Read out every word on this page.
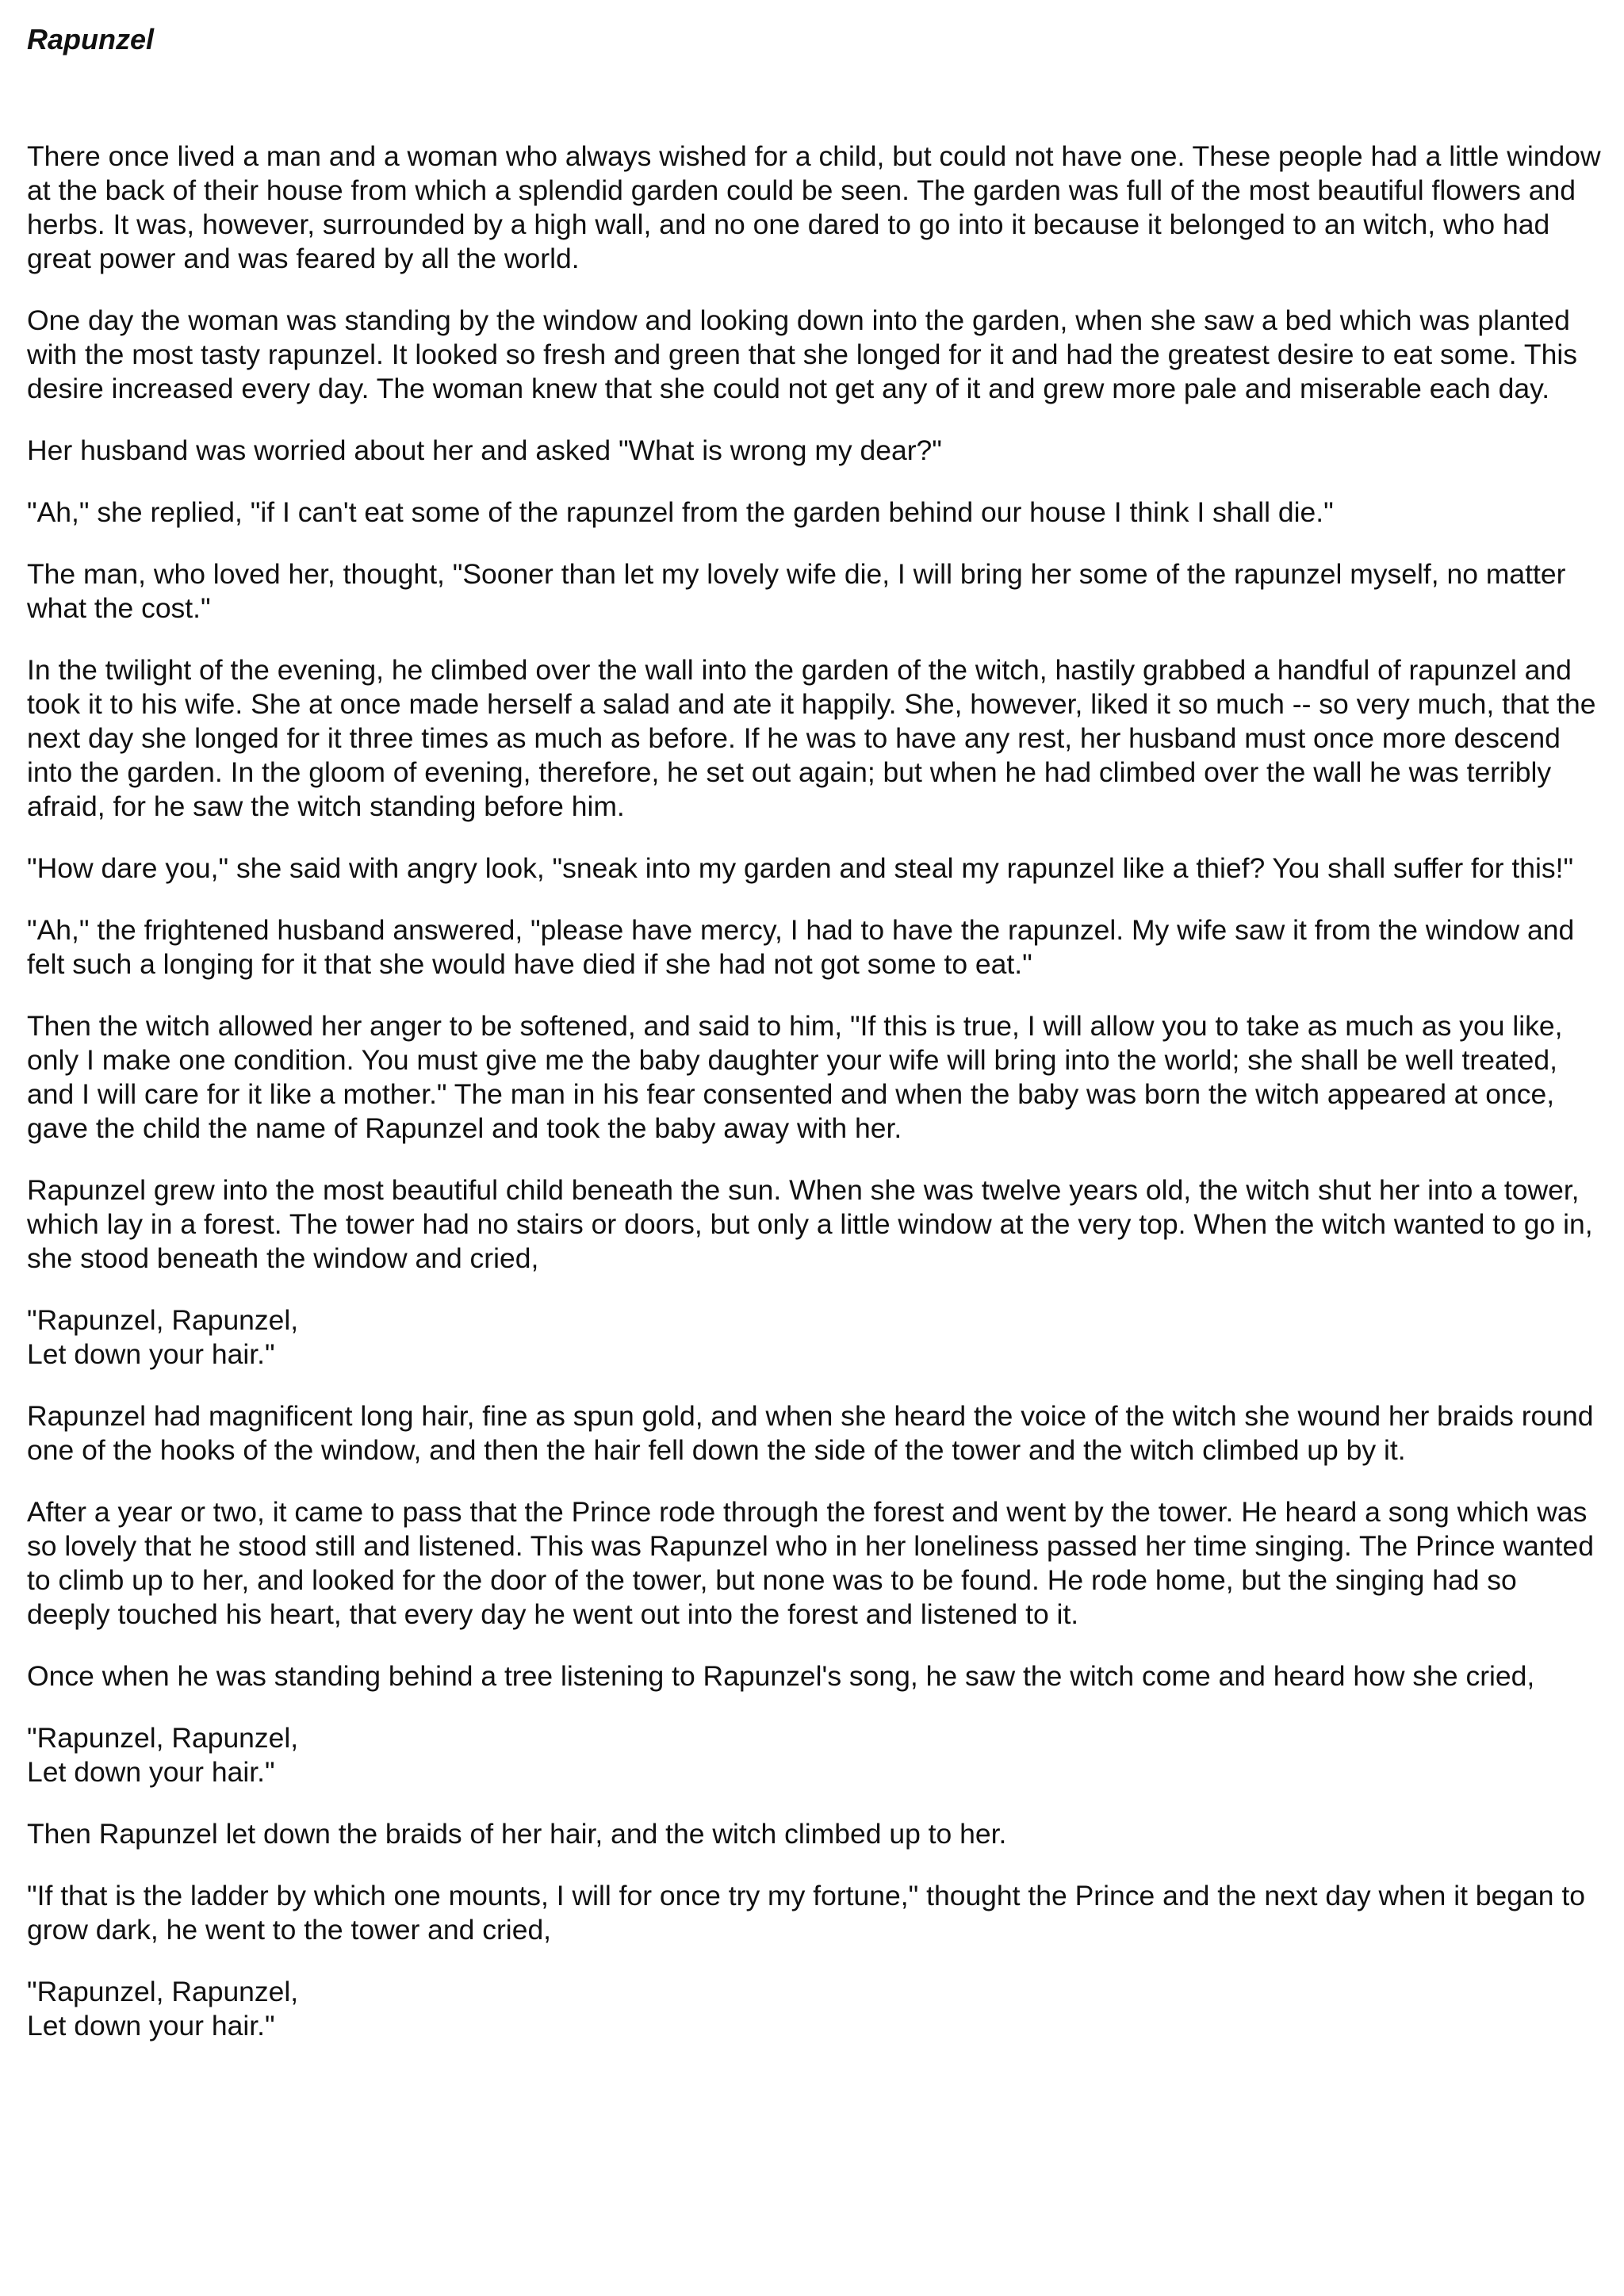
Rapunzel

There once lived a man and a woman who always wished for a child, but could not have one. These people had a little window at the back of their house from which a splendid garden could be seen. The garden was full of the most beautiful flowers and herbs. It was, however, surrounded by a high wall, and no one dared to go into it because it belonged to an witch, who had great power and was feared by all the world.

One day the woman was standing by the window and looking down into the garden, when she saw a bed which was planted with the most tasty rapunzel. It looked so fresh and green that she longed for it and had the greatest desire to eat some. This desire increased every day. The woman knew that she could not get any of it and grew more pale and miserable each day.

Her husband was worried about her and asked "What is wrong my dear?"

"Ah," she replied, "if I can't eat some of the rapunzel from the garden behind our house I think I shall die."

The man, who loved her, thought, "Sooner than let my lovely wife die, I will bring her some of the rapunzel myself, no matter what the cost."

In the twilight of the evening, he climbed over the wall into the garden of the witch, hastily grabbed a handful of rapunzel and took it to his wife. She at once made herself a salad and ate it happily. She, however, liked it so much -- so very much, that the next day she longed for it three times as much as before. If he was to have any rest, her husband must once more descend into the garden. In the gloom of evening, therefore, he set out again; but when he had climbed over the wall he was terribly afraid, for he saw the witch standing before him.

"How dare you," she said with angry look, "sneak into my garden and steal my rapunzel like a thief? You shall suffer for this!"

"Ah," the frightened husband answered, "please have mercy, I had to have the rapunzel. My wife saw it from the window and felt such a longing for it that she would have died if she had not got some to eat."

Then the witch allowed her anger to be softened, and said to him, "If this is true, I will allow you to take as much as you like, only I make one condition. You must give me the baby daughter your wife will bring into the world; she shall be well treated, and I will care for it like a mother." The man in his fear consented and when the baby was born the witch appeared at once, gave the child the name of Rapunzel and took the baby away with her.

Rapunzel grew into the most beautiful child beneath the sun. When she was twelve years old, the witch shut her into a tower, which lay in a forest. The tower had no stairs or doors, but only a little window at the very top. When the witch wanted to go in, she stood beneath the window and cried,

"Rapunzel, Rapunzel,
Let down your hair."

Rapunzel had magnificent long hair, fine as spun gold, and when she heard the voice of the witch she wound her braids round one of the hooks of the window, and then the hair fell down the side of the tower and the witch climbed up by it.

After a year or two, it came to pass that the Prince rode through the forest and went by the tower. He heard a song which was so lovely that he stood still and listened. This was Rapunzel who in her loneliness passed her time singing. The Prince wanted to climb up to her, and looked for the door of the tower, but none was to be found. He rode home, but the singing had so deeply touched his heart, that every day he went out into the forest and listened to it.

Once when he was standing behind a tree listening to Rapunzel's song, he saw the witch come and heard how she cried,

"Rapunzel, Rapunzel,
Let down your hair."

Then Rapunzel let down the braids of her hair, and the witch climbed up to her.

"If that is the ladder by which one mounts, I will for once try my fortune," thought the Prince and the next day when it began to grow dark, he went to the tower and cried,

"Rapunzel, Rapunzel,
Let down your hair."
